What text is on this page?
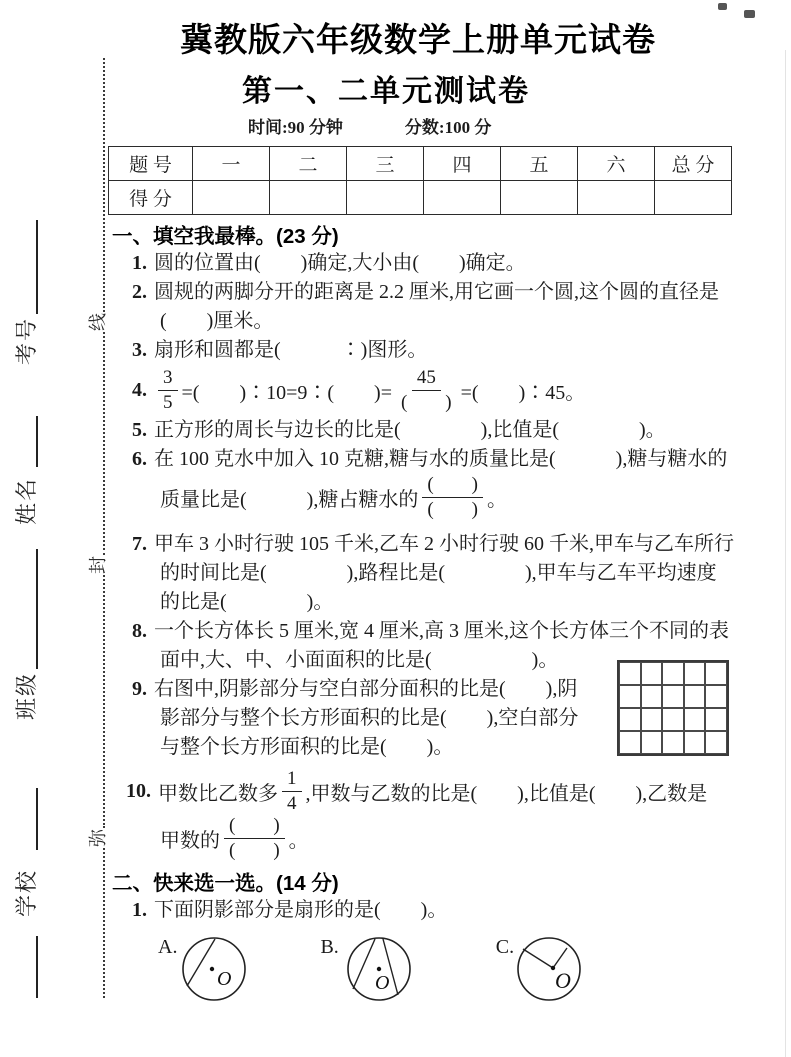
学校
班级
姓名
考号
弥
封
线
冀教版六年级数学上册单元试卷
第一、二单元测试卷
时间:90 分钟	分数:100 分
题 号	一	二	三	四	五	六	总 分
得 分							
一、填空我最棒。(23 分)
1. 圆的位置由(　　)确定,大小由(　　)确定。
2. 圆规的两脚分开的距离是 2.2 厘米,用它画一个圆,这个圆的直径是
(　　)厘米。
3. 扇形和圆都是(　　　∶)图形。
4. $\frac{3}{5}$ =(　　)∶10=9∶(　　)= $\frac{45}{( )}$ =(　　)∶45。
5. 正方形的周长与边长的比是(　　　　),比值是(　　　　)。
6. 在 100 克水中加入 10 克糖,糖与水的质量比是(　　　),糖与糖水的
质量比是(　　　),糖占糖水的 $\frac{( )}{( )}$ 。
7. 甲车 3 小时行驶 105 千米,乙车 2 小时行驶 60 千米,甲车与乙车所行
的时间比是(　　　　),路程比是(　　　　),甲车与乙车平均速度
的比是(　　　　)。
8. 一个长方体长 5 厘米,宽 4 厘米,高 3 厘米,这个长方体三个不同的表
面中,大、中、小面面积的比是(　　　　　)。
9. 右图中,阴影部分与空白部分面积的比是(　　),阴
影部分与整个长方形面积的比是(　　),空白部分
与整个长方形面积的比是(　　)。
10. 甲数比乙数多 $\frac{1}{4}$ ,甲数与乙数的比是(　　),比值是(　　),乙数是
甲数的 $\frac{( )}{( )}$ 。
二、快来选一选。(14 分)
1. 下面阴影部分是扇形的是(　　)。
A.
O
B.
O
C.
O
